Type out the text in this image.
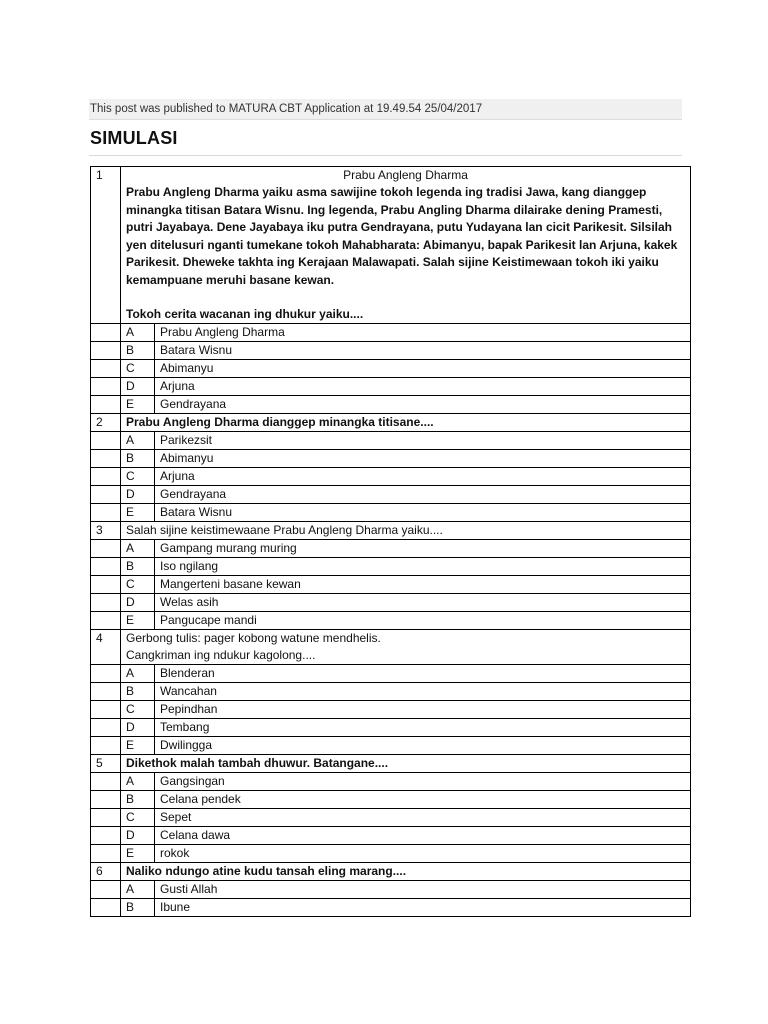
This post was published to MATURA CBT Application at 19.49.54 25/04/2017
SIMULASI
1	Prabu Angleng Dharma
Prabu Angleng Dharma yaiku asma sawijine tokoh legenda ing tradisi Jawa, kang dianggep minangka titisan Batara Wisnu. Ing legenda, Prabu Angling Dharma dilairake dening Pramesti, putri Jayabaya. Dene Jayabaya iku putra Gendrayana, putu Yudayana lan cicit Parikesit. Silsilah yen ditelusuri nganti tumekane tokoh Mahabharata: Abimanyu, bapak Parikesit lan Arjuna, kakek Parikesit. Dheweke takhta ing Kerajaan Malawapati. Salah sijine Keistimewaan tokoh iki yaiku kemampuane meruhi basane kewan.
Tokoh cerita wacanan ing dhukur yaiku....	

	A	Prabu Angleng Dharma
	B	Batara Wisnu
	C	Abimanyu
	D	Arjuna
	E	Gendrayana
2	Prabu Angleng Dharma dianggep minangka titisane....	
	A	Parikezsit
	B	Abimanyu
	C	Arjuna
	D	Gendrayana
	E	Batara Wisnu
3	Salah sijine keistimewaane Prabu Angleng Dharma yaiku....	
	A	Gampang murang muring
	B	Iso ngilang
	C	Mangerteni basane kewan
	D	Welas asih
	E	Pangucape mandi
4	Gerbong tulis: pager kobong watune mendhelis.
Cangkriman ing ndukur kagolong....	

	A	Blenderan
	B	Wancahan
	C	Pepindhan
	D	Tembang
	E	Dwilingga
5	Dikethok malah tambah dhuwur. Batangane....	
	A	Gangsingan
	B	Celana pendek
	C	Sepet
	D	Celana dawa
	E	rokok
6	Naliko ndungo atine kudu tansah eling marang....	
	A	Gusti Allah
	B	Ibune
